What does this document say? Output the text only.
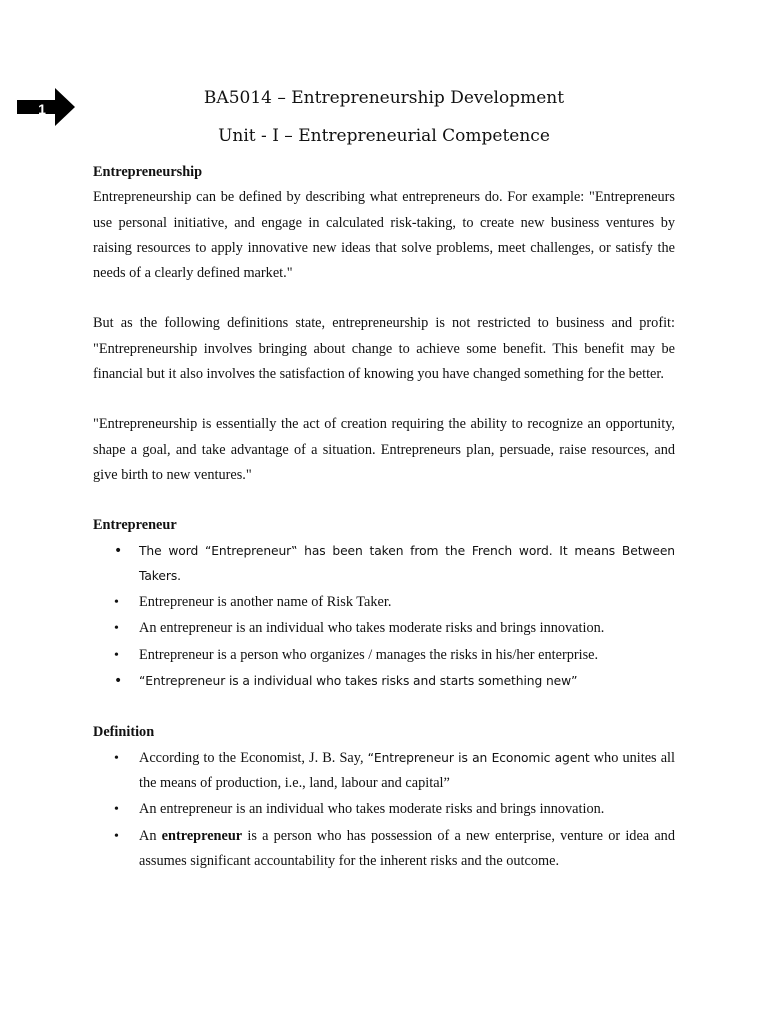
1
BA5014 – Entrepreneurship Development
Unit - I – Entrepreneurial Competence
Entrepreneurship

Entrepreneurship can be defined by describing what entrepreneurs do. For example: "Entrepreneurs use personal initiative, and engage in calculated risk-taking, to create new business ventures by raising resources to apply innovative new ideas that solve problems, meet challenges, or satisfy the needs of a clearly defined market."

But as the following definitions state, entrepreneurship is not restricted to business and profit: "Entrepreneurship involves bringing about change to achieve some benefit. This benefit may be financial but it also involves the satisfaction of knowing you have changed something for the better.

"Entrepreneurship is essentially the act of creation requiring the ability to recognize an opportunity, shape a goal, and take advantage of a situation. Entrepreneurs plan, persuade, raise resources, and give birth to new ventures."

Entrepreneur
• The word “Entrepreneur‟ has been taken from the French word. It means Between Takers.
• Entrepreneur is another name of Risk Taker.
• An entrepreneur is an individual who takes moderate risks and brings innovation.
• Entrepreneur is a person who organizes / manages the risks in his/her enterprise.
• “Entrepreneur is a individual who takes risks and starts something new”
Definition
• According to the Economist, J. B. Say, “Entrepreneur is an Economic agent who unites all the means of production, i.e., land, labour and capital”
• An entrepreneur is an individual who takes moderate risks and brings innovation.
• An entrepreneur is a person who has possession of a new enterprise, venture or idea and assumes significant accountability for the inherent risks and the outcome.
